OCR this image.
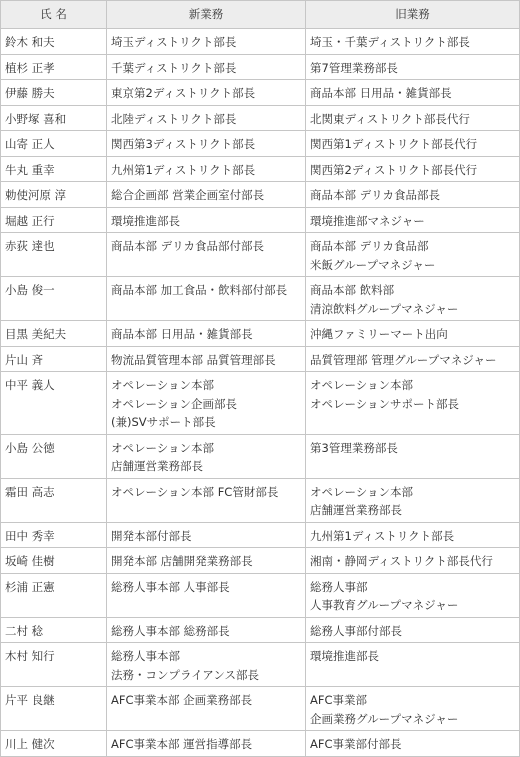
氏 名	新業務	旧業務
鈴木 和夫	埼玉ディストリクト部長	埼玉・千葉ディストリクト部長

植杉 正孝	千葉ディストリクト部長	第7管理業務部長

伊藤 勝夫	東京第2ディストリクト部長	商品本部 日用品・雑貨部長

小野塚 喜和	北陸ディストリクト部長	北関東ディストリクト部長代行

山寄 正人	関西第3ディストリクト部長	関西第1ディストリクト部長代行

牛丸 重幸	九州第1ディストリクト部長	関西第2ディストリクト部長代行

勅使河原 淳	総合企画部 営業企画室付部長	商品本部 デリカ食品部長

堀越 正行	環境推進部長	環境推進部マネジャー

赤荻 達也	商品本部 デリカ食品部付部長	商品本部 デリカ食品部
米飯グループマネジャー

小島 俊一	商品本部 加工食品・飲料部付部長	商品本部 飲料部
清涼飲料グループマネジャー

目黒 美紀夫	商品本部 日用品・雑貨部長	沖縄ファミリーマート出向

片山 斉	物流品質管理本部 品質管理部長	品質管理部 管理グループマネジャー

中平 義人	オペレーション本部
オペレーション企画部長
(兼)SVサポート部長	オペレーション本部
オペレーションサポート部長

小島 公徳	オペレーション本部
店舗運営業務部長	第3管理業務部長

霜田 高志	オペレーション本部 FC管財部長	オペレーション本部
店舗運営業務部長

田中 秀幸	開発本部付部長	九州第1ディストリクト部長

坂崎 佳樹	開発本部 店舗開発業務部長	湘南・静岡ディストリクト部長代行

杉浦 正憲	総務人事本部 人事部長	総務人事部
人事教育グループマネジャー

二村 稔	総務人事本部 総務部長	総務人事部付部長

木村 知行	総務人事本部
法務・コンプライアンス部長	環境推進部長

片平 良継	AFC事業本部 企画業務部長	AFC事業部
企画業務グループマネジャー

川上 健次	AFC事業本部 運営指導部長	AFC事業部付部長
